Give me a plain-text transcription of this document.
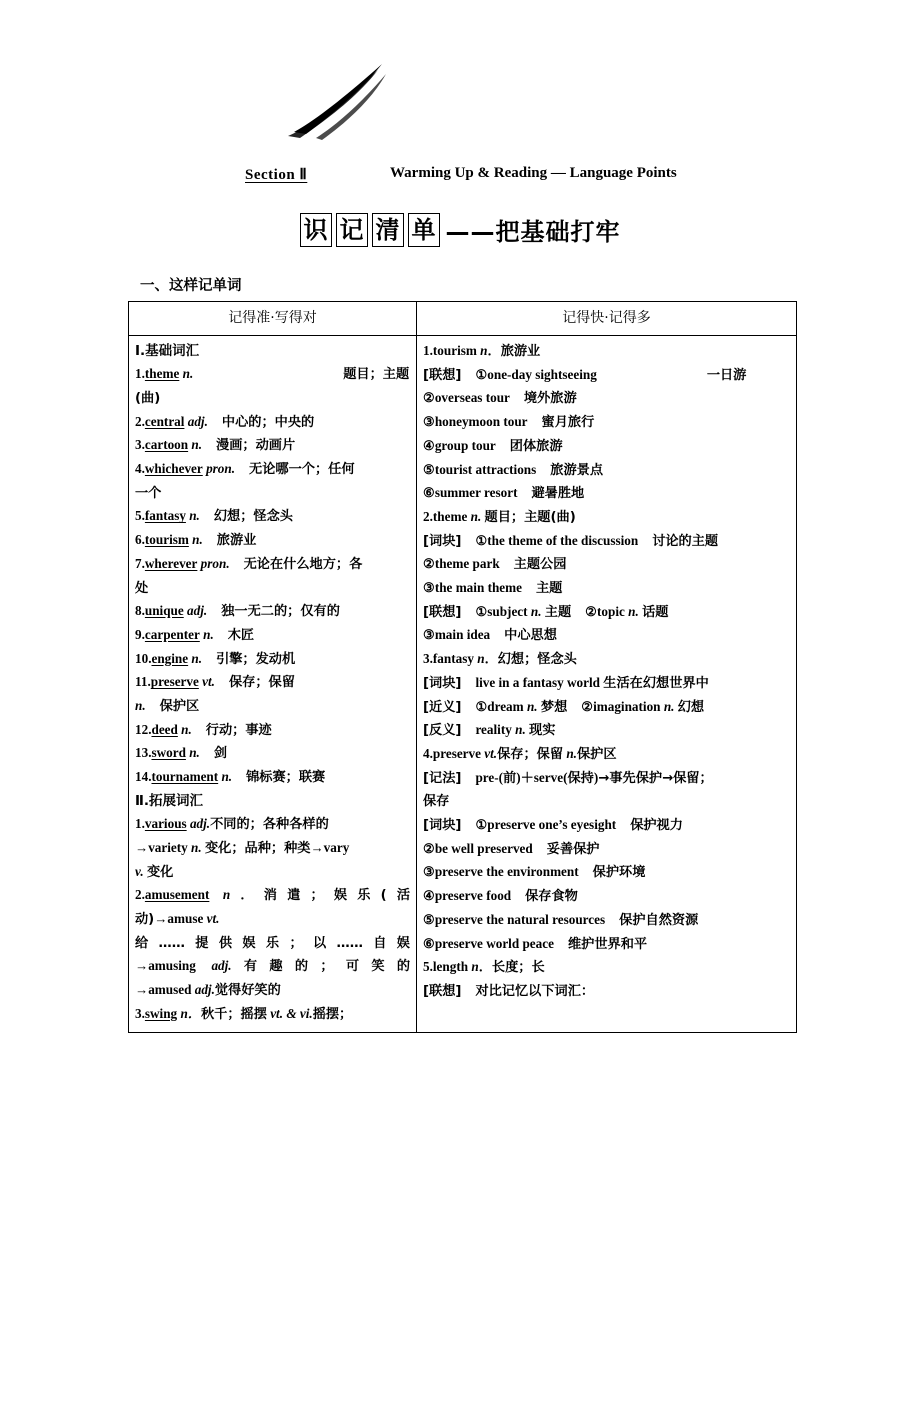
Section Ⅱ	Warming Up & Reading — Language Points
识 记 清 单 ——把基础打牢
一、这样记单词
记得准·写得对	记得快·记得多

Ⅰ.基础词汇
1.theme n.	题目；主题(曲)
2.central adj. 中心的；中央的
3.cartoon n. 漫画；动画片
4.whichever pron. 无论哪一个；任何
一个
5.fantasy n. 幻想；怪念头
6.tourism n. 旅游业
7.wherever pron. 无论在什么地方；各
处
8.unique adj. 独一无二的；仅有的
9.carpenter n. 木匠
10.engine n. 引擎；发动机
11.preserve vt. 保存；保留
n. 保护区
12.deed n. 行动；事迹
13.sword n. 剑
14.tournament n. 锦标赛；联赛
Ⅱ.拓展词汇
1.various adj.不同的；各种各样的
→variety n. 变化；品种；种类→vary
v. 变化
2.amusement n．消遣；娱乐(活
动)→amuse vt.
给……提供娱乐；以……自娱
→amusing adj.有趣的；可笑的
→amused adj.觉得好笑的
3.swing n．秋千；摇摆 vt. & vi.摇摆；

1.tourism n．旅游业
[联想] ①one-day sightseeing	一日游
②overseas tour 境外旅游
③honeymoon tour 蜜月旅行
④group tour 团体旅游
⑤tourist attractions 旅游景点
⑥summer resort 避暑胜地
2.theme n. 题目；主题(曲)
[词块] ①the theme of the discussion 讨论的主题
②theme park 主题公园
③the main theme 主题
[联想] ①subject n. 主题 ②topic n. 话题
③main idea 中心思想
3.fantasy n．幻想；怪念头
[词块] live in a fantasy world 生活在幻想世界中
[近义] ①dream n. 梦想 ②imagination n. 幻想
[反义] reality n. 现实
4.preserve vt.保存；保留 n.保护区
[记法] pre-(前)＋serve(保持)→事先保护→保留；
保存
[词块] ①preserve one’s eyesight 保护视力
②be well preserved 妥善保护
③preserve the environment 保护环境
④preserve food 保存食物
⑤preserve the natural resources 保护自然资源
⑥preserve world peace 维护世界和平
5.length n．长度；长
[联想] 对比记忆以下词汇：
